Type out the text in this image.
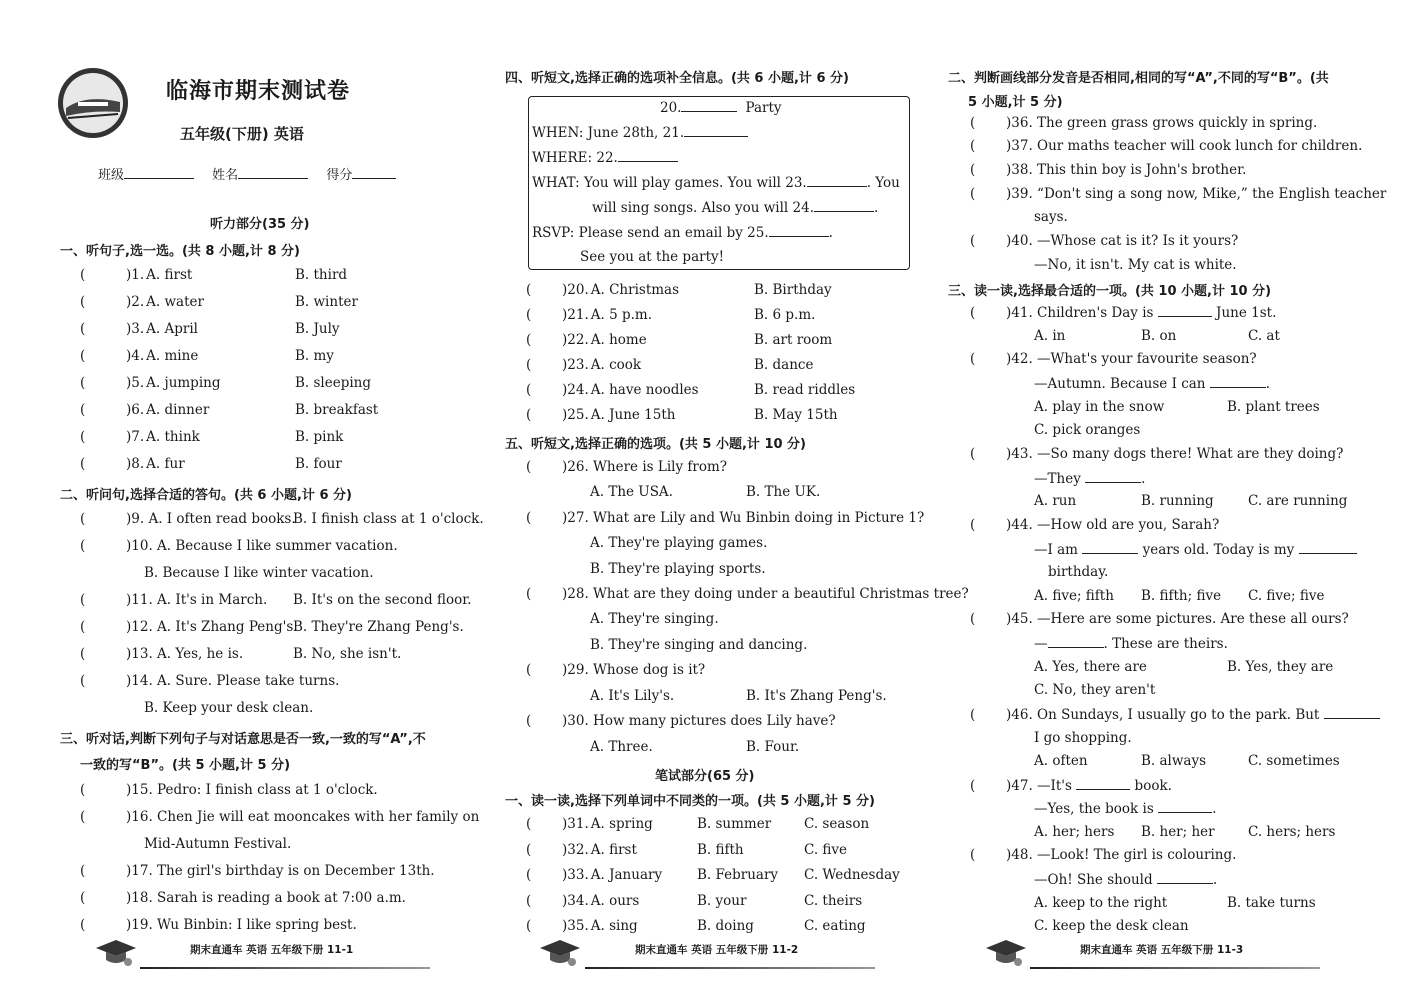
临海市期末测试卷
五年级(下册) 英语
班级	姓名	得分
听力部分(35 分)
一、听句子,选一选。(共 8 小题,计 8 分)
(	)1. A. first	B. third
(	)2. A. water	B. winter
(	)3. A. April	B. July
(	)4. A. mine	B. my
(	)5. A. jumping	B. sleeping
(	)6. A. dinner	B. breakfast
(	)7. A. think	B. pink
(	)8. A. fur	B. four
二、听问句,选择合适的答句。(共 6 小题,计 6 分)
(	)9. A. I often read books.
B. I finish class at 1 o'clock.
(	)10. A. Because I like summer vacation.
B. Because I like winter vacation.
(	)11. A. It's in March. B. It's on the second floor.
(	)12. A. It's Zhang Peng's.
B. They're Zhang Peng's.
(	)13. A. Yes, he is.	B. No, she isn't.
(	)14. A. Sure. Please take turns.
B. Keep your desk clean.
三、听对话,判断下列句子与对话意思是否一致,一致的写“A”,不
一致的写“B”。(共 5 小题,计 5 分)
(	)15. Pedro: I finish class at 1 o'clock.
(	)16. Chen Jie will eat mooncakes with her family on
Mid-Autumn Festival.
(	)17. The girl's birthday is on December 13th.
(	)18. Sarah is reading a book at 7:00 a.m.
(	)19. Wu Binbin: I like spring best.
四、听短文,选择正确的选项补全信息。(共 6 小题,计 6 分)
20.	Party
WHEN: June 28th, 21.
WHERE: 22.
WHAT: You will play games. You will 23.	. You
will sing songs. Also you will 24.	.
RSVP: Please send an email by 25.	.
See you at the party!
( )20. A. Christmas	B. Birthday
( )21. A. 5 p.m.	B. 6 p.m.
( )22. A. home	B. art room
( )23. A. cook	B. dance
( )24. A. have noodles	B. read riddles
( )25. A. June 15th	B. May 15th
五、听短文,选择正确的选项。(共 5 小题,计 10 分)
( )26. Where is Lily from?
A. The USA.	B. The UK.
( )27. What are Lily and Wu Binbin doing in Picture 1?
A. They're playing games.
B. They're playing sports.
( )28. What are they doing under a beautiful Christmas tree?
A. They're singing.
B. They're singing and dancing.
( )29. Whose dog is it?
A. It's Lily's.	B. It's Zhang Peng's.
( )30. How many pictures does Lily have?
A. Three.	B. Four.
笔试部分(65 分)
一、读一读,选择下列单词中不同类的一项。(共 5 小题,计 5 分)
( )31. A. spring	B. summer C. season
( )32. A. first	B. fifth	C. five
( )33. A. January	B. February C. Wednesday
( )34. A. ours	B. your	C. theirs
( )35. A. sing	B. doing	C. eating
二、判断画线部分发音是否相同,相同的写“A”,不同的写“B”。(共
5 小题,计 5 分)
( )36. The green grass grows quickly in spring.
( )37. Our maths teacher will cook lunch for children.
( )38. This thin boy is John's brother.
( )39. “Don't sing a song now, Mike,” the English teacher
says.
( )40. —Whose cat is it? Is it yours?
—No, it isn't. My cat is white.
三、读一读,选择最合适的一项。(共 10 小题,计 10 分)
( )41. Children's Day is	June 1st.
A. in	B. on	C. at
( )42. —What's your favourite season?
—Autumn. Because I can	.
A. play in the snow	B. plant trees
C. pick oranges
( )43. —So many dogs there! What are they doing?
—They	.
A. run	B. running	C. are running
( )44. —How old are you, Sarah?
—I am	years old. Today is my
birthday.
A. five; fifth B. fifth; five C. five; five
( )45. —Here are some pictures. Are these all ours?
—	. These are theirs.
A. Yes, there are	B. Yes, they are
C. No, they aren't
( )46. On Sundays, I usually go to the park. But
I go shopping.
A. often	B. always	C. sometimes
( )47. —It's	book.
—Yes, the book is	.
A. her; hers B. her; her C. hers; hers
( )48. —Look! The girl is colouring.
—Oh! She should	.
A. keep to the right	B. take turns
C. keep the desk clean
期末直通车 英语 五年级下册 11-1	期末直通车 英语 五年级下册 11-2	期末直通车 英语 五年级下册 11-3
